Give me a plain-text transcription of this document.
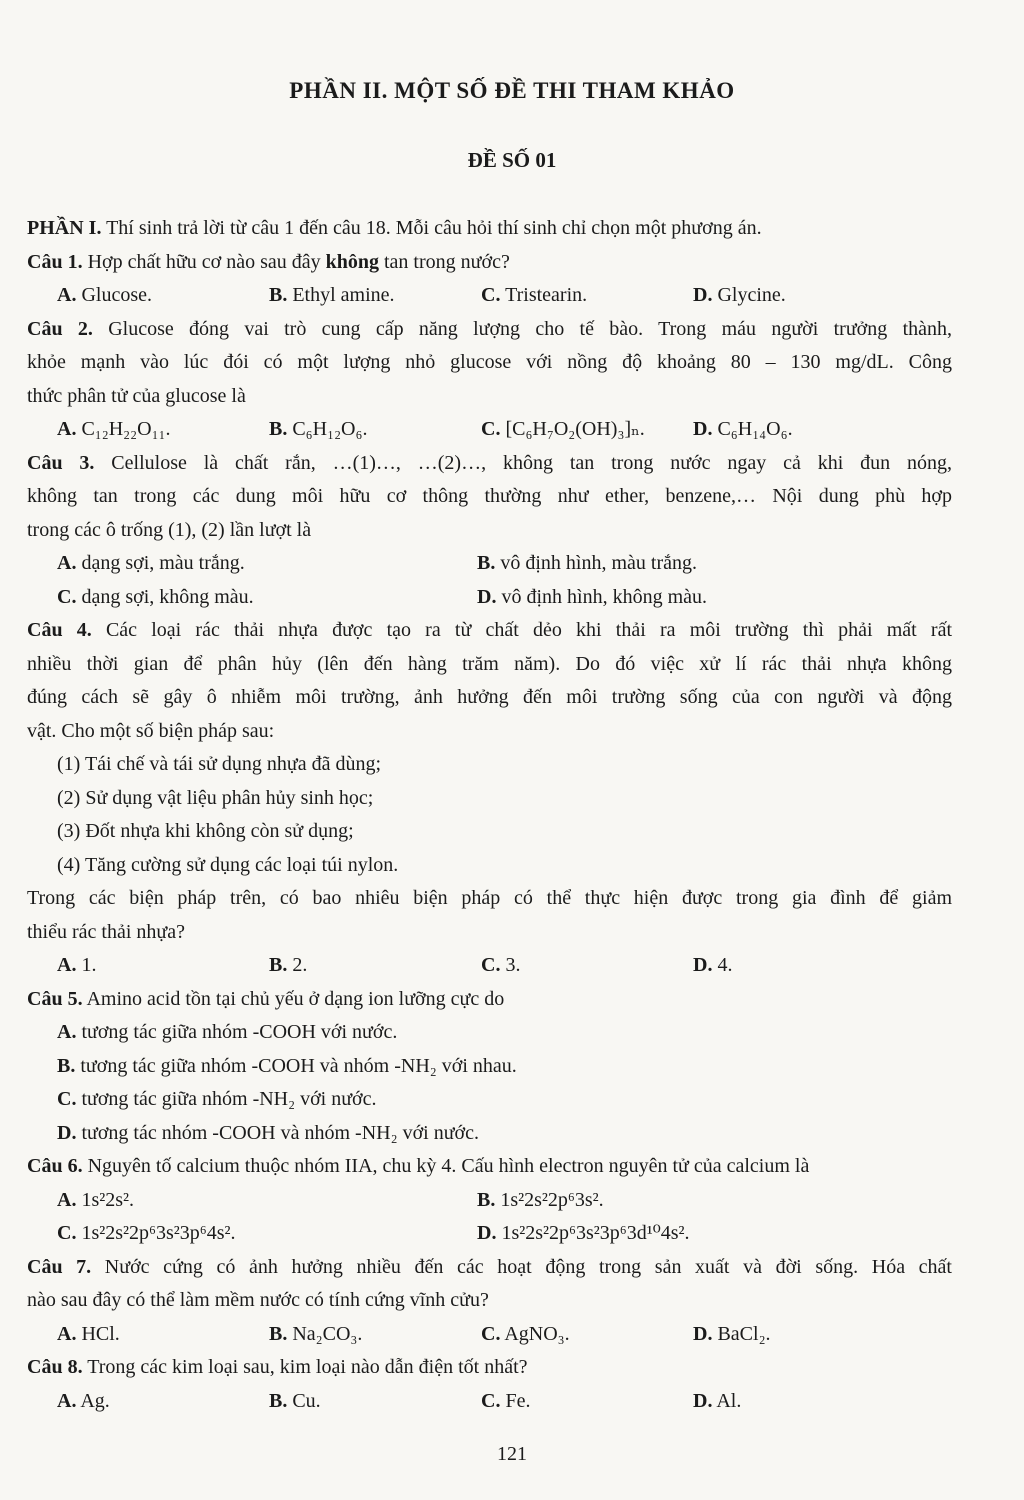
PHẦN II. MỘT SỐ ĐỀ THI THAM KHẢO
ĐỀ SỐ 01
PHẦN I. Thí sinh trả lời từ câu 1 đến câu 18. Mỗi câu hỏi thí sinh chỉ chọn một phương án.
Câu 1. Hợp chất hữu cơ nào sau đây không tan trong nước?
A. Glucose.	B. Ethyl amine.	C. Tristearin.	D. Glycine.
Câu 2. Glucose đóng vai trò cung cấp năng lượng cho tế bào. Trong máu người trưởng thành,
khỏe mạnh vào lúc đói có một lượng nhỏ glucose với nồng độ khoảng 80 – 130 mg/dL. Công
thức phân tử của glucose là
A. C₁₂H₂₂O₁₁.	B. C₆H₁₂O₆.	C. [C₆H₇O₂(OH)₃]ₙ. D. C₆H₁₄O₆.
Câu 3. Cellulose là chất rắn, …(1)…, …(2)…, không tan trong nước ngay cả khi đun nóng,
không tan trong các dung môi hữu cơ thông thường như ether, benzene,… Nội dung phù hợp
trong các ô trống (1), (2) lần lượt là
A. dạng sợi, màu trắng.	B. vô định hình, màu trắng.
C. dạng sợi, không màu.	D. vô định hình, không màu.
Câu 4. Các loại rác thải nhựa được tạo ra từ chất dẻo khi thải ra môi trường thì phải mất rất
nhiều thời gian để phân hủy (lên đến hàng trăm năm). Do đó việc xử lí rác thải nhựa không
đúng cách sẽ gây ô nhiễm môi trường, ảnh hưởng đến môi trường sống của con người và động
vật. Cho một số biện pháp sau:
(1) Tái chế và tái sử dụng nhựa đã dùng;
(2) Sử dụng vật liệu phân hủy sinh học;
(3) Đốt nhựa khi không còn sử dụng;
(4) Tăng cường sử dụng các loại túi nylon.
Trong các biện pháp trên, có bao nhiêu biện pháp có thể thực hiện được trong gia đình để giảm
thiểu rác thải nhựa?
A. 1.	B. 2.	C. 3.	D. 4.
Câu 5. Amino acid tồn tại chủ yếu ở dạng ion lưỡng cực do
A. tương tác giữa nhóm -COOH với nước.
B. tương tác giữa nhóm -COOH và nhóm -NH₂ với nhau.
C. tương tác giữa nhóm -NH₂ với nước.
D. tương tác nhóm -COOH và nhóm -NH₂ với nước.
Câu 6. Nguyên tố calcium thuộc nhóm IIA, chu kỳ 4. Cấu hình electron nguyên tử của calcium là
A. 1s²2s².	B. 1s²2s²2p⁶3s².
C. 1s²2s²2p⁶3s²3p⁶4s².	D. 1s²2s²2p⁶3s²3p⁶3d¹⁰4s².
Câu 7. Nước cứng có ảnh hưởng nhiều đến các hoạt động trong sản xuất và đời sống. Hóa chất
nào sau đây có thể làm mềm nước có tính cứng vĩnh cửu?
A. HCl.	B. Na₂CO₃.	C. AgNO₃.	D. BaCl₂.
Câu 8. Trong các kim loại sau, kim loại nào dẫn điện tốt nhất?
A. Ag.	B. Cu.	C. Fe.	D. Al.
121
